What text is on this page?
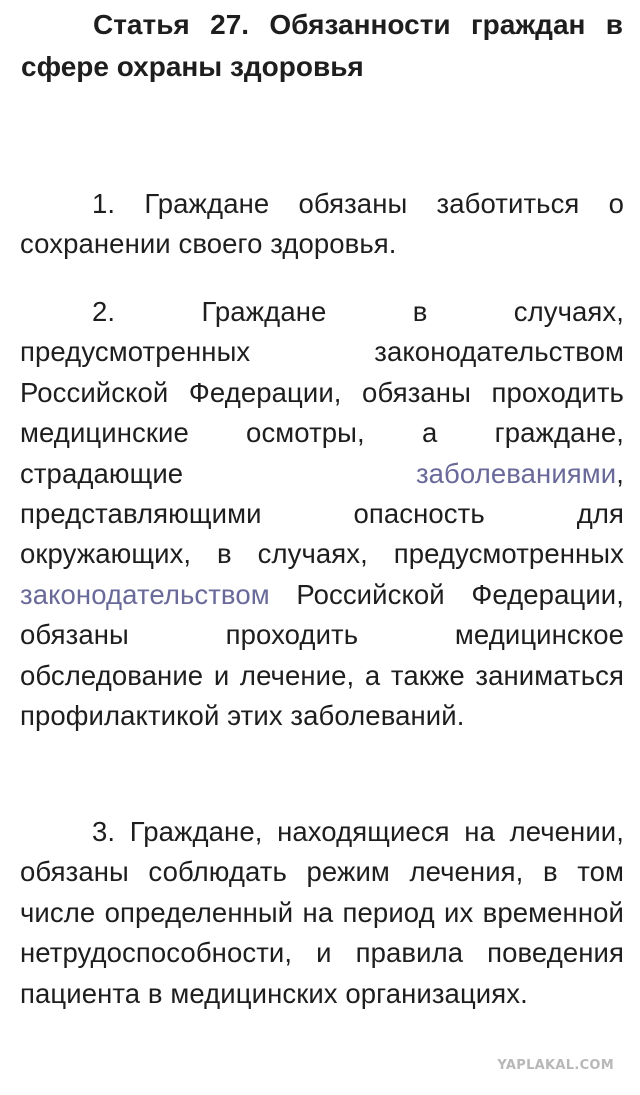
Статья 27. Обязанности граждан в сфере охраны здоровья

1. Граждане обязаны заботиться о сохранении своего здоровья.

2. Граждане в случаях, предусмотренных законодательством Российской Федерации, обязаны проходить медицинские осмотры, а граждане, страдающие заболеваниями, представляющими опасность для окружающих, в случаях, предусмотренных законодательством Российской Федерации, обязаны проходить медицинское обследование и лечение, а также заниматься профилактикой этих заболеваний.

3. Граждане, находящиеся на лечении, обязаны соблюдать режим лечения, в том числе определенный на период их временной нетрудоспособности, и правила поведения пациента в медицинских организациях.

YAPLAKAL.COM
